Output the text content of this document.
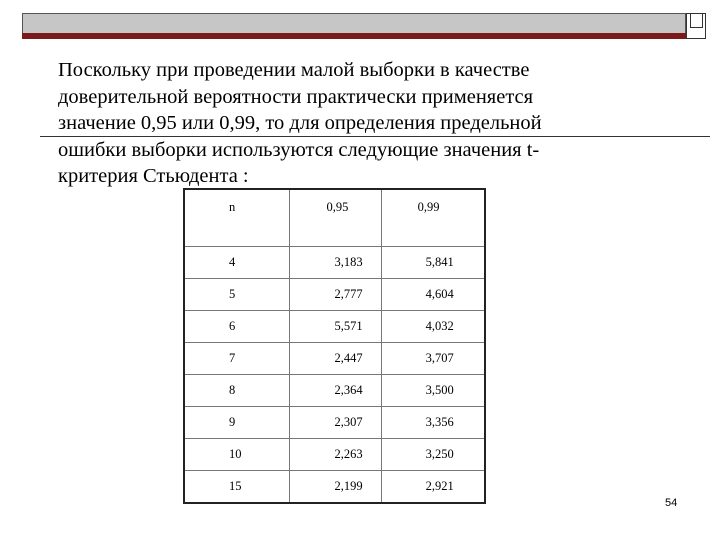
Поскольку при проведении малой выборки в качестве
доверительной вероятности практически применяется
значение 0,95 или 0,99, то для определения предельной
ошибки выборки используются следующие значения t-
критерия Стьюдента :

n	0,95	0,99
4	3,183	5,841
5	2,777	4,604
6	5,571	4,032
7	2,447	3,707
8	2,364	3,500
9	2,307	3,356
10	2,263	3,250
15	2,199	2,921
54
